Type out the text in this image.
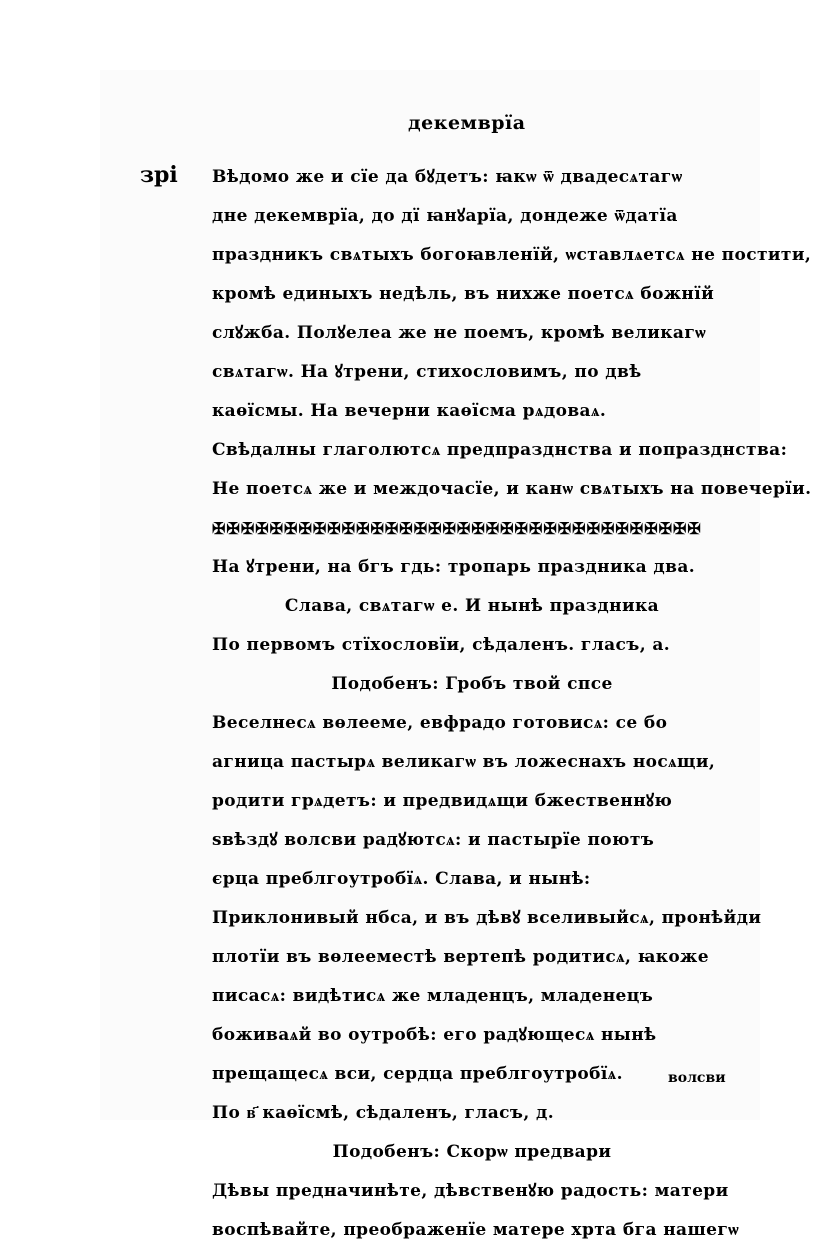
декемврїа
зрі Вѣдомо же и сїе да бꙋдетъ: ꙗкѡ ѿ двадесѧтагѡ
дне декемврїа, до дї ꙗнꙋарїа, дондеже ѿдатїа
праздникъ свѧтыхъ богоꙗвленїй, ѡставлѧетсѧ не постити,
кромѣ единыхъ недѣль, въ нихже поетсѧ божнїй
слꙋжба. Полꙋелеа же не поемъ, кромѣ великагѡ
свѧтагѡ. На ꙋтрени, стихословимъ, по двѣ
каѳїсмы. На вечерни каѳїсма рѧдоваѧ.
Свѣдалны глаголютсѧ предпразднства и попразднства:
Не поетсѧ же и междочасїе, и канѡ свѧтыхъ на повечерїи.
✠✠✠✠✠✠✠✠✠✠✠✠✠✠✠✠✠✠✠✠✠✠✠✠✠✠✠✠✠✠✠✠✠✠
На ꙋтрени, на бгъ гдь: тропарь праздника два.
Слава, свѧтагѡ е. И нынѣ праздника
По первомъ стїхословїи, сѣдаленъ. гласъ, а.
Подобенъ: Гробъ твой спсе
Веселнесѧ вѳлееме, евфрадо готовисѧ: се бо
агница пастырѧ великагѡ въ ложеснахъ носѧщи,
родити грѧдетъ: и предвидѧщи бжественнꙋю
ѕвѣздꙋ волсви радꙋютсѧ: и пастырїе поютъ
єрца преблгоутробїѧ. Слава, и нынѣ:
Приклонивый нбса, и въ дѣвꙋ вселивыйсѧ, пронѣйди
плотїи въ вѳлееместѣ вертепѣ родитисѧ, ꙗкоже
писасѧ: видѣтисѧ же младенцъ, младенецъ
боживаѧй во оутробѣ: его радꙋющесѧ нынѣ
прещащесѧ вси, сердца преблгоутробїѧ.
По в҃ каѳїсмѣ, сѣдаленъ, гласъ, д.
Подобенъ: Скорѡ предвари
Дѣвы предначинѣте, дѣвственꙋю радость: матери
воспѣвайте, преображенїе матере хрта бга нашегѡ
волсви
